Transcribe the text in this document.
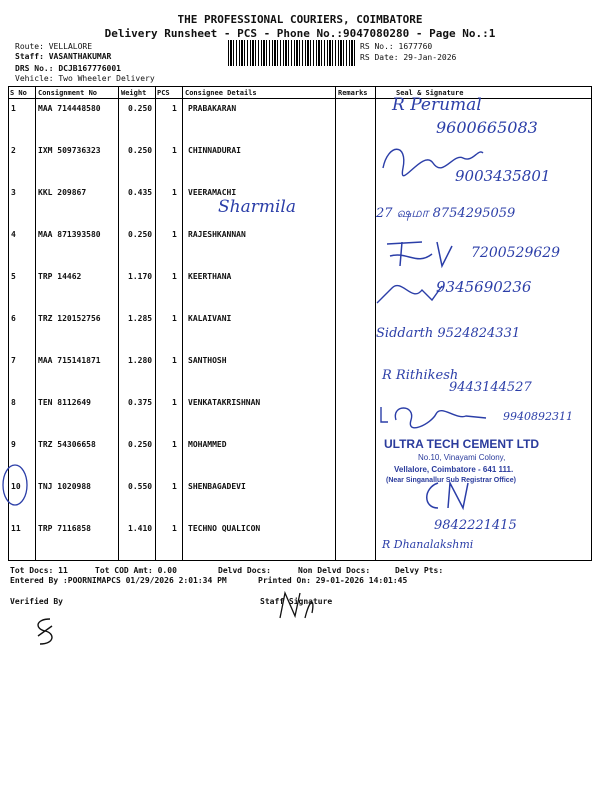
THE PROFESSIONAL COURIERS, COIMBATORE
Delivery Runsheet - PCS - Phone No.:9047080280 - Page No.:1
Route: VELLALORE
Staff: VASANTHAKUMAR
DRS No.: DCJB167776001
Vehicle: Two Wheeler Delivery
RS No.: 1677760
RS Date: 29-Jan-2026
S No Consignment No	Weight PCS Consignee Details	Remarks	Seal & Signature
1	MAA 714448580	0.250 1 PRABAKARAN
2	IXM 509736323	0.250 1 CHINNADURAI
3	KKL 209867	0.435 1 VEERAMACHI
4	MAA 871393580	0.250 1 RAJESHKANNAN
5	TRP 14462	1.170 1 KEERTHANA
6	TRZ 120152756	1.285 1 KALAIVANI
7	MAA 715141871	1.280 1 SANTHOSH
8	TEN 8112649	0.375 1 VENKATAKRISHNAN
9	TRZ 54306658	0.250 1 MOHAMMED
10 TNJ 1020988	0.550 1 SHENBAGADEVI
11 TRP 7116858	1.410 1 TECHNO QUALICON
R Perumal
9600665083
9003435801
Sharmila	27 ஷமா 8754295059
7200529629
9345690236
Siddarth 9524824331
R Rithikesh
9443144527
9940892311
9842221415
R Dhanalakshmi
ULTRA TECH CEMENT LTD
No.10, Vinayami Colony,
Vellalore, Coimbatore - 641 111.
(Near Singanallur Sub Registrar Office)
Tot Docs: 11	Tot COD Amt: 0.00	Delvd Docs:	Non Delvd Docs:	Delvy Pts:
Entered By :POORNIMAPCS 01/29/2026 2:01:34 PM	Printed On: 29-01-2026 14:01:45
Verified By	Staff Signature
